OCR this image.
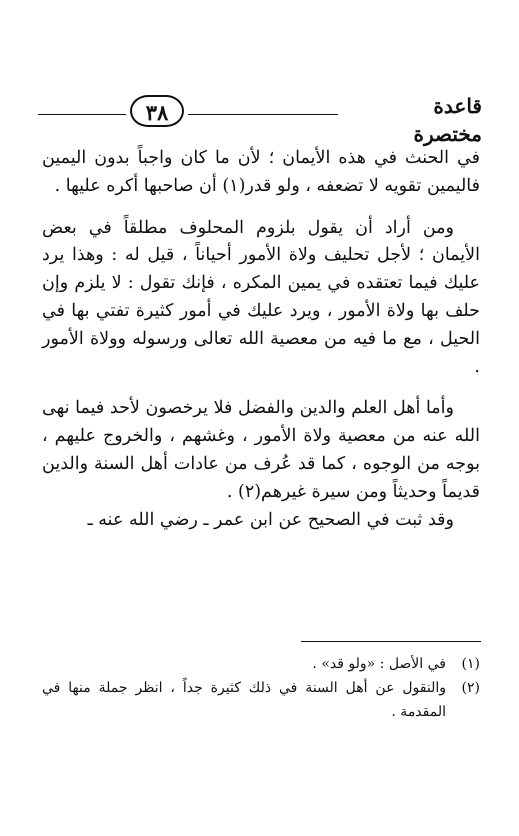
٣٨	قاعدة مختصرة

في الحنث في هذه الأيمان ؛ لأن ما كان واجباً بدون اليمين فاليمين تقويه لا تضعفه ، ولو قدر(١) أن صاحبها أكره عليها .

ومن أراد أن يقول بلزوم المحلوف مطلقاً في بعض الأيمان ؛ لأجل تحليف ولاة الأمور أحياناً ، قيل له : وهذا يرد عليك فيما تعتقده في يمين المكره ، فإنك تقول : لا يلزم وإن حلف بها ولاة الأمور ، ويرد عليك في أمور كثيرة تفتي بها في الحيل ، مع ما فيه من معصية الله تعالى ورسوله وولاة الأمور .

وأما أهل العلم والدين والفضل فلا يرخصون لأحد فيما نهى الله عنه من معصية ولاة الأمور ، وغشهم ، والخروج عليهم ، بوجه من الوجوه ، كما قد عُرف من عادات أهل السنة والدين قديماً وحديثاً ومن سيرة غيرهم(٢) .

وقد ثبت في الصحيح عن ابن عمر ـ رضي الله عنه ـ

(١)
في الأصل : «ولو قد» .
(٢)
والنقول عن أهل السنة في ذلك كثيرة جداً ، انظر جملة منها في المقدمة .
